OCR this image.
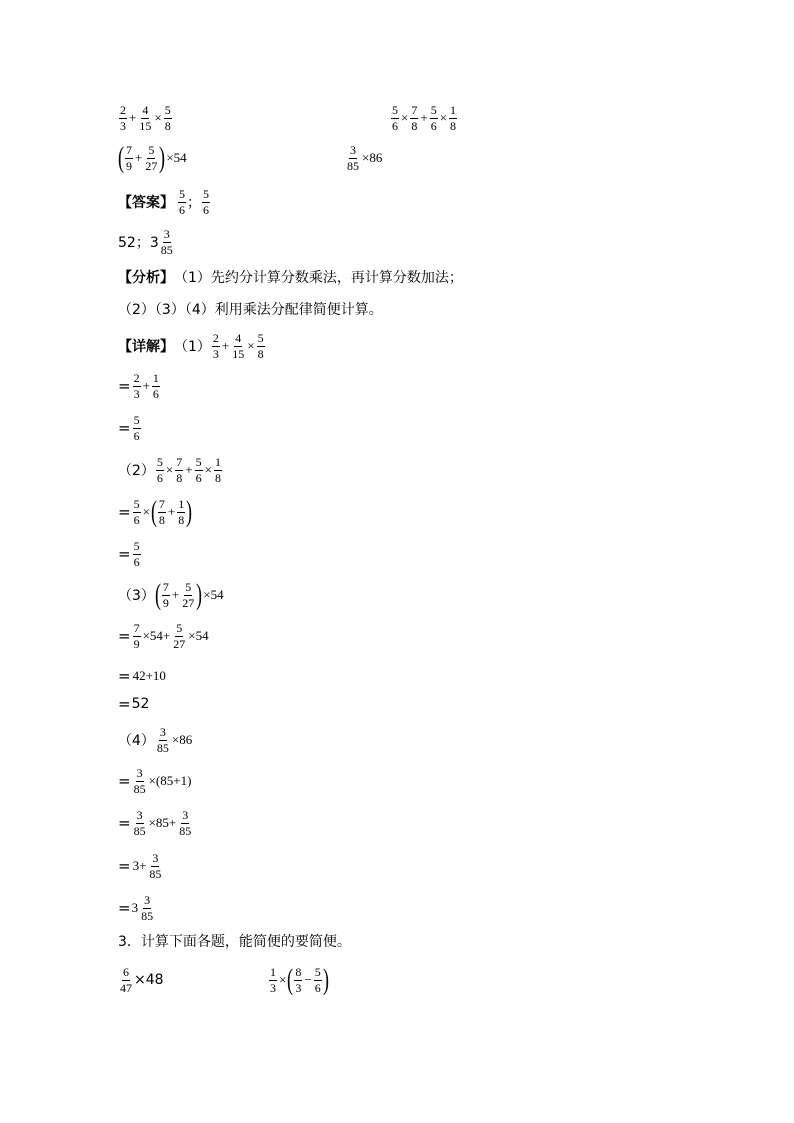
$\frac{2}{3} + \frac{4}{15} \times \frac{5}{8}$	$\frac{5}{6} \times \frac{7}{8} + \frac{5}{6} \times \frac{1}{8}$
( $\frac{7}{9} + \frac{5}{27}$ ) ×54	$\frac{3}{85} \times 86$
【答案】 $\frac{5}{6}$ ； $\frac{5}{6}$
52；$3 \frac{3}{85}$
【分析】 （1）先约分计算分数乘法，再计算分数加法；
（2）（3）（4）利用乘法分配律简便计算。
【详解】 $(1) \frac{2}{3} + \frac{4}{15} \times \frac{5}{8}$
= $\frac{2}{3} + \frac{1}{6}$
= $\frac{5}{6}$
$(2) \frac{5}{6} \times \frac{7}{8} + \frac{5}{6} \times \frac{1}{8}$
= $\frac{5}{6}$ × ( $\frac{7}{8} + \frac{1}{8}$ )
= $\frac{5}{6}$
（3） ( $\frac{7}{9} + \frac{5}{27}$ ) ×54
= $\frac{7}{9} \times 54+ \frac{5}{27} \times 54$
= 42+10
= 52
$(4) \frac{3}{85} \times 86$
= $\frac{3}{85} \times(85+1)$
= $\frac{3}{85} \times 85+ \frac{3}{85}$
= $3+ \frac{3}{85}$
= $3 \frac{3}{85}$
3．计算下面各题，能简便的要简便。
$\frac{6}{47} \times 48$	$\frac{1}{3}$ × ( $\frac{8}{3} - \frac{5}{6}$ )
